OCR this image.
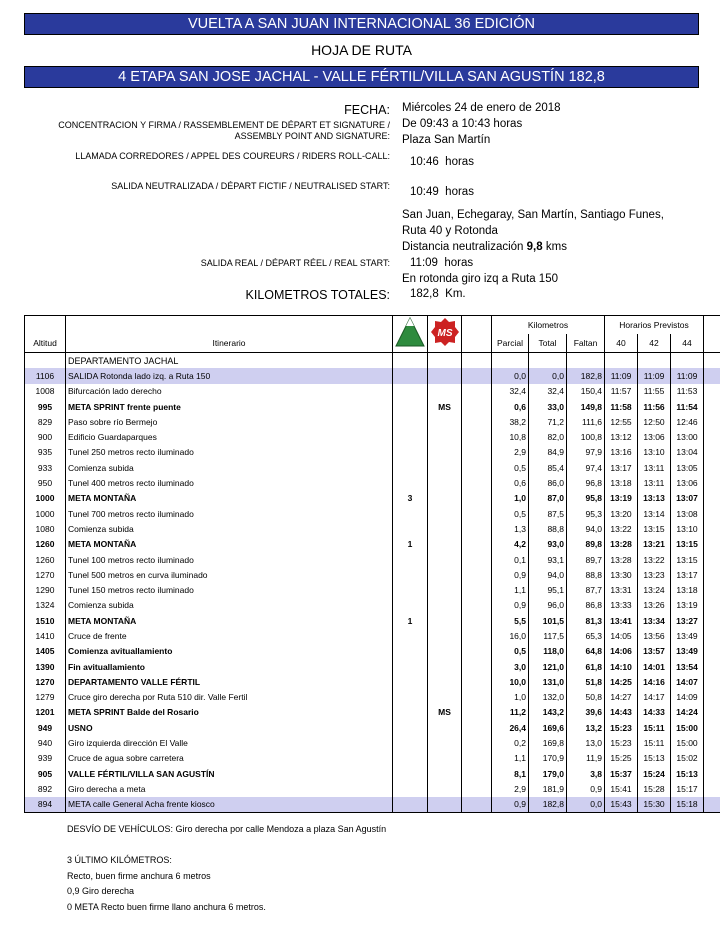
VUELTA A SAN JUAN INTERNACIONAL 36 EDICIÓN
HOJA DE RUTA
4 ETAPA SAN JOSE JACHAL - VALLE FÉRTIL/VILLA SAN AGUSTÍN 182,8
FECHA: Miércoles 24 de enero de 2018
CONCENTRACION Y FIRMA / RASSEMBLEMENT DE DÉPART ET SIGNATURE /
ASSEMBLY POINT AND SIGNATURE:
De 09:43 a 10:43 horas
Plaza San Martín
LLAMADA CORREDORES / APPEL DES COUREURS / RIDERS ROLL-CALL: 10:46 horas
SALIDA NEUTRALIZADA / DÉPART FICTIF / NEUTRALISED START: 10:49 horas
San Juan, Echegaray, San Martín, Santiago Funes,
Ruta 40 y Rotonda
Distancia neutralización 9,8 kms
SALIDA REAL / DÉPART RÉEL / REAL START: 11:09 horas
En rotonda giro izq a Ruta 150
KILOMETROS TOTALES: 182,8 Km.

MS		Kilometros			Horarios Previstos			
Altitud	Itinerario				Parcial	Total	Faltan	40	42	44	
	DEPARTAMENTO JACHAL										
1106	SALIDA Rotonda lado izq. a Ruta 150				0,0	0,0	182,8	11:09	11:09	11:09	
1008	Bifurcación lado derecho				32,4	32,4	150,4	11:57	11:55	11:53	
995	META SPRINT frente puente		MS		0,6	33,0	149,8	11:58	11:56	11:54	
829	Paso sobre río Bermejo				38,2	71,2	111,6	12:55	12:50	12:46	
900	Edificio Guardaparques				10,8	82,0	100,8	13:12	13:06	13:00	
935	Tunel 250 metros recto iluminado				2,9	84,9	97,9	13:16	13:10	13:04	
933	Comienza subida				0,5	85,4	97,4	13:17	13:11	13:05	
950	Tunel 400 metros recto iluminado				0,6	86,0	96,8	13:18	13:11	13:06	
1000	META MONTAÑA	3			1,0	87,0	95,8	13:19	13:13	13:07	
1000	Tunel 700 metros recto iluminado				0,5	87,5	95,3	13:20	13:14	13:08	
1080	Comienza subida				1,3	88,8	94,0	13:22	13:15	13:10	
1260	META MONTAÑA	1			4,2	93,0	89,8	13:28	13:21	13:15	
1260	Tunel 100 metros recto iluminado				0,1	93,1	89,7	13:28	13:22	13:15	
1270	Tunel 500 metros en curva iluminado				0,9	94,0	88,8	13:30	13:23	13:17	
1290	Tunel 150 metros recto iluminado				1,1	95,1	87,7	13:31	13:24	13:18	
1324	Comienza subida				0,9	96,0	86,8	13:33	13:26	13:19	
1510	META MONTAÑA	1			5,5	101,5	81,3	13:41	13:34	13:27	
1410	Cruce de frente				16,0	117,5	65,3	14:05	13:56	13:49	
1405	Comienza avituallamiento				0,5	118,0	64,8	14:06	13:57	13:49	
1390	Fin avituallamiento				3,0	121,0	61,8	14:10	14:01	13:54	
1270	DEPARTAMENTO VALLE FÉRTIL				10,0	131,0	51,8	14:25	14:16	14:07	
1279	Cruce giro derecha por Ruta 510 dir. Valle Fertil				1,0	132,0	50,8	14:27	14:17	14:09	
1201	META SPRINT Balde del Rosario		MS		11,2	143,2	39,6	14:43	14:33	14:24	
949	USNO				26,4	169,6	13,2	15:23	15:11	15:00	
940	Giro izquierda dirección El Valle				0,2	169,8	13,0	15:23	15:11	15:00	
939	Cruce de agua sobre carretera				1,1	170,9	11,9	15:25	15:13	15:02	
905	VALLE FÉRTIL/VILLA SAN AGUSTÍN				8,1	179,0	3,8	15:37	15:24	15:13	
892	Giro derecha a meta				2,9	181,9	0,9	15:41	15:28	15:17	
894	META calle General Acha frente kiosco				0,9	182,8	0,0	15:43	15:30	15:18	
DESVÍO DE VEHÍCULOS: Giro derecha por calle Mendoza a plaza San Agustín
3 ÚLTIMO KILÓMETROS:
Recto, buen firme anchura 6 metros
0,9 Giro derecha
0 META Recto buen firme llano anchura 6 metros.
